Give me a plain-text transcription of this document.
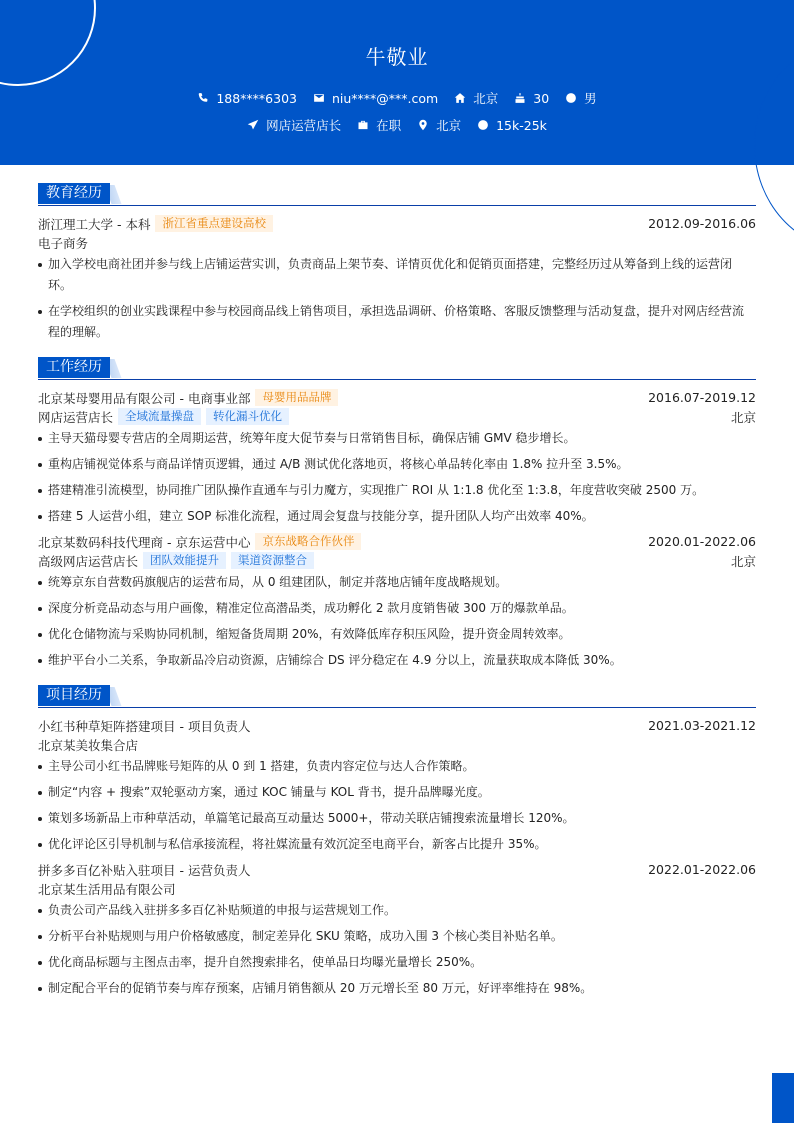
牛敬业
188****6303	niu****@***.com	北京	30	男
网店运营店长	在职	北京	15k-25k
教育经历
浙江理工大学 - 本科	浙江省重点建设高校	2012.09-2016.06
电子商务
加入学校电商社团并参与线上店铺运营实训，负责商品上架节奏、详情页优化和促销页面搭建，完整经历过从筹备到上线的运营闭环。
在学校组织的创业实践课程中参与校园商品线上销售项目，承担选品调研、价格策略、客服反馈整理与活动复盘，提升对网店经营流程的理解。
工作经历
北京某母婴用品有限公司 - 电商事业部	母婴用品品牌	2016.07-2019.12
网店运营店长	全域流量操盘	转化漏斗优化	北京
主导天猫母婴专营店的全周期运营，统筹年度大促节奏与日常销售目标，确保店铺 GMV 稳步增长。
重构店铺视觉体系与商品详情页逻辑，通过 A/B 测试优化落地页，将核心单品转化率由 1.8% 拉升至 3.5%。
搭建精准引流模型，协同推广团队操作直通车与引力魔方，实现推广 ROI 从 1:1.8 优化至 1:3.8，年度营收突破 2500 万。
搭建 5 人运营小组，建立 SOP 标准化流程，通过周会复盘与技能分享，提升团队人均产出效率 40%。
北京某数码科技代理商 - 京东运营中心	京东战略合作伙伴	2020.01-2022.06
高级网店运营店长	团队效能提升	渠道资源整合	北京
统筹京东自营数码旗舰店的运营布局，从 0 组建团队，制定并落地店铺年度战略规划。
深度分析竞品动态与用户画像，精准定位高潜品类，成功孵化 2 款月度销售破 300 万的爆款单品。
优化仓储物流与采购协同机制，缩短备货周期 20%，有效降低库存积压风险，提升资金周转效率。
维护平台小二关系，争取新品冷启动资源，店铺综合 DS 评分稳定在 4.9 分以上，流量获取成本降低 30%。
项目经历
小红书种草矩阵搭建项目 - 项目负责人	2021.03-2021.12
北京某美妆集合店
主导公司小红书品牌账号矩阵的从 0 到 1 搭建，负责内容定位与达人合作策略。
制定“内容 + 搜索”双轮驱动方案，通过 KOC 铺量与 KOL 背书，提升品牌曝光度。
策划多场新品上市种草活动，单篇笔记最高互动量达 5000+，带动关联店铺搜索流量增长 120%。
优化评论区引导机制与私信承接流程，将社媒流量有效沉淀至电商平台，新客占比提升 35%。
拼多多百亿补贴入驻项目 - 运营负责人	2022.01-2022.06
北京某生活用品有限公司
负责公司产品线入驻拼多多百亿补贴频道的申报与运营规划工作。
分析平台补贴规则与用户价格敏感度，制定差异化 SKU 策略，成功入围 3 个核心类目补贴名单。
优化商品标题与主图点击率，提升自然搜索排名，使单品日均曝光量增长 250%。
制定配合平台的促销节奏与库存预案，店铺月销售额从 20 万元增长至 80 万元，好评率维持在 98%。
